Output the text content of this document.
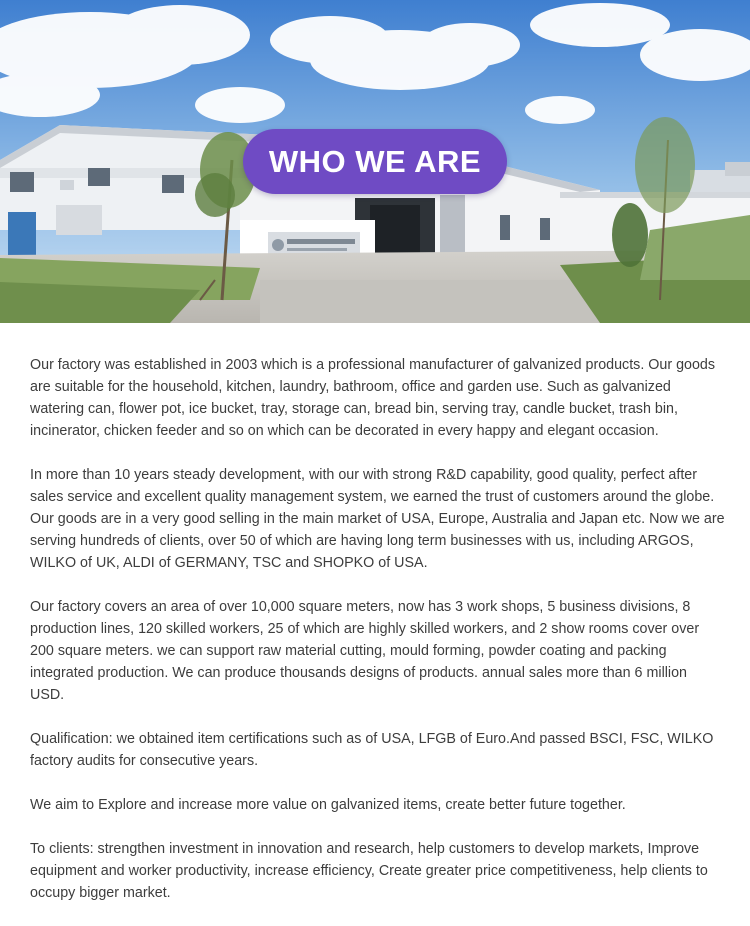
WHO WE ARE

Our factory was established in 2003 which is a professional manufacturer of galvanized products. Our goods are suitable for the household, kitchen, laundry, bathroom, office and garden use. Such as galvanized watering can, flower pot, ice bucket, tray, storage can, bread bin, serving tray, candle bucket, trash bin, incinerator, chicken feeder and so on which can be decorated in every happy and elegant occasion.

In more than 10 years steady development, with our with strong R&D capability, good quality, perfect after sales service and excellent quality management system, we earned the trust of customers around the globe. Our goods are in a very good selling in the main market of USA, Europe, Australia and Japan etc. Now we are serving hundreds of clients, over 50 of which are having long term businesses with us, including ARGOS, WILKO of UK, ALDI of GERMANY, TSC and SHOPKO of USA.

Our factory covers an area of over 10,000 square meters, now has 3 work shops, 5 business divisions, 8 production lines, 120 skilled workers, 25 of which are highly skilled workers, and 2 show rooms cover over 200 square meters. we can support raw material cutting, mould forming, powder coating and packing integrated production. We can produce thousands designs of products. annual sales more than 6 million USD.

Qualification: we obtained item certifications such as of USA, LFGB of Euro.And passed BSCI, FSC, WILKO factory audits for consecutive years.

We aim to Explore and increase more value on galvanized items, create better future together.

To clients: strengthen investment in innovation and research, help customers to develop markets, Improve equipment and worker productivity, increase efficiency, Create greater price competitiveness, help clients to occupy bigger market.
